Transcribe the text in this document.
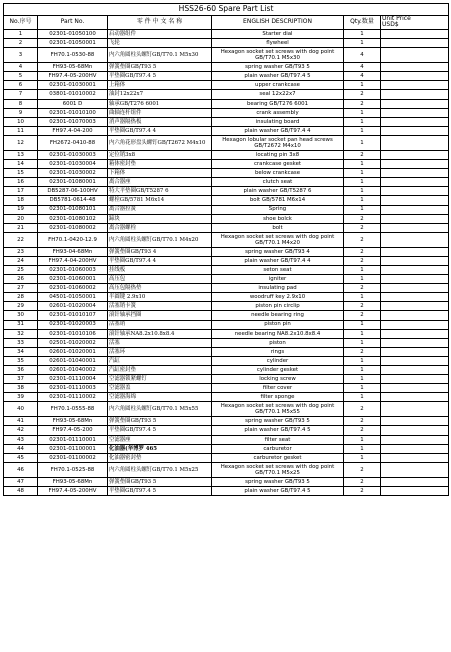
HSS26-60 Spare Part List					
No.序号	Part No.	零 件 中 文 名 称	ENGLISH DESCRIPTION	Qty.数量	Unit Price
USD$
1	02301-01050100	启动器组件	Starter dial	1	
2	02301-01050001	飞轮	flywheel	1	
3	FH70.1-0530-88	内六角圆柱头螺钉GB/T70.1 M5x30	Hexagon socket set screws with dog point GB/T70.1 M5x30	4	
4	FH93-05-68Mn	弹簧垫圈GB/T93 5	spring washer GB/T93 5	4	
5	FH97.4-05-200HV	平垫圈GB/T97.4 5	plain washer GB/T97.4 5	4	
6	02301-01030001	上箱体	upper crankcase	1	
7	03801-01010002	油封12x22x7	seal 12x22x7	2	
8	6001 D	轴承GB/T276 6001	bearing GB/T276 6001	2	
9	02301-01010100	曲轴连杆组件	crank assembly	1	
10	02301-01070003	消声器隔热板	insulating board	1	
11	FH97.4-04-200	平垫圈GB/T97.4 4	plain washer GB/T97.4 4	1	
12	FH2672-0410-88	内六角花形盘头螺钉GB/T2672 M4x10	Hexagon lobular socket pan head screws GB/T2672 M4x10	1	
13	02301-01030003	定位销3x8	locating pin 3x8	2	
14	02301-01030004	箱体密封垫	crankcase gesket	1	
15	02301-01030002	下箱体	below crankcase	1	
16	02301-01080001	离合器座	clutch seat	1	
17	DB5287-06-100HV	特大平垫圈GB/T5287 6	plain washer GB/T5287 6	1	
18	DB5781-0614-48	螺栓GB/5781 M6x14	bolt GB/5781 M6x14	1	
19	02301-01080101	离合器拉簧	Spring	1	
20	02301-01080102	蹄块	shoe bolck	2	
21	02301-01080002	离合器螺栓	bolt	2	
22	FH70.1-0420-12.9	内六角圆柱头螺钉GB/T70.1 M4x20	Hexagon socket set screws with dog point GB/T70.1 M4x20	2	
23	FH93-04-68Mn	弹簧垫圈GB/T93 4	spring washer GB/T93 4	2	
24	FH97.4-04-200HV	平垫圈GB/T97.4 4	plain washer GB/T97.4 4	2	
25	02301-01060003	挂线板	seton seat	1	
26	02301-01060001	高压包	igniter	1	
27	02301-01060002	高压包隔热垫	insulating pad	2	
28	04501-01050001	半圆键 2.9x10	woodruff key 2.9x10	1	
29	02601-01020004	活塞销卡簧	piston pin circlip	2	
30	02301-01010107	滚针轴承挡圈	needle bearing ring	2	
31	02301-01020003	活塞销	piston pin	1	
32	02301-01010106	滚针轴承NA8.2x10.8x8.4	needle bearing NA8.2x10.8x8.4	1	
33	02501-01020002	活塞	piston	1	
34	02601-01020001	活塞环	rings	2	
35	02601-01040001	汽缸	cylinder	1	
36	02601-01040002	汽缸密封垫	cylinder gesket	1	
37	02301-01110004	空滤器锁紧螺钉	locking screw	1	
38	02301-01110003	空滤器盖	filter cover	1	
39	02301-01110002	空滤器海绵	filter sponge	1	
40	FH70.1-0555-88	内六角圆柱头螺钉GB/T70.1 M5x55	Hexagon socket set screws with dog point GB/T70.1 M5x55	2	
41	FH93-05-68Mn	弹簧垫圈GB/T93 5	spring washer GB/T93 5	2	
42	FH97.4-05-200	平垫圈GB/T97.4 5	plain washer GB/T97.4 5	2	
43	02301-01110001	空滤器座	filter seat	1	
44	02301-01100001	化油器(华博罗 465	carburetor	1	
45	02301-01100002	化油器密封垫	carburetor gesket	1	
46	FH70.1-0525-88	内六角圆柱头螺钉GB/T70.1 M5x25	Hexagon socket set screws with dog point GB/T70.1 M5x25	2	
47	FH93-05-68Mn	弹簧垫圈GB/T93 5	spring washer GB/T93 5	2	
48	FH97.4-05-200HV	平垫圈GB/T97.4 5	plain washer GB/T97.4 5	2	
